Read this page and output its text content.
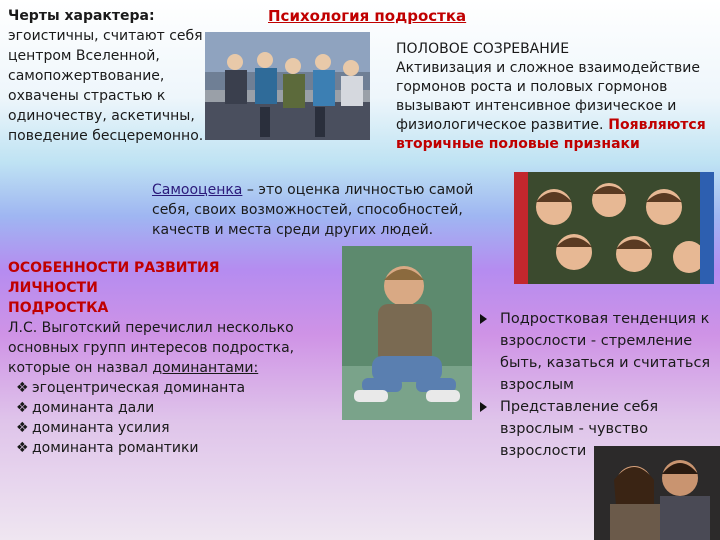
Черты характера:
эгоистичны, считают себя
центром Вселенной,
самопожертвование,
охвачены страстью к
одиночеству, аскетичны,
поведение бесцеремонно.
Психология подростка
ПОЛОВОЕ СОЗРЕВАНИЕ
Активизация и сложное взаимодействие
гормонов роста и половых гормонов
вызывают интенсивное физическое и
физиологическое развитие. Появляются
вторичные половые признаки
Самооценка – это оценка личностью самой
себя, своих возможностей, способностей,
качеств и места среди других людей.
ОСОБЕННОСТИ РАЗВИТИЯ ЛИЧНОСТИ
ПОДРОСТКА
Л.С. Выготский перечислил несколько
основных групп интересов подростка,
которые он назвал доминантами:
❖ эгоцентрическая доминанта
❖ доминанта дали
❖ доминанта усилия
❖ доминанта романтики
Подростковая тенденция к
взрослости - стремление
быть, казаться и считаться
взрослым
Представление себя
взрослым - чувство
взрослости
